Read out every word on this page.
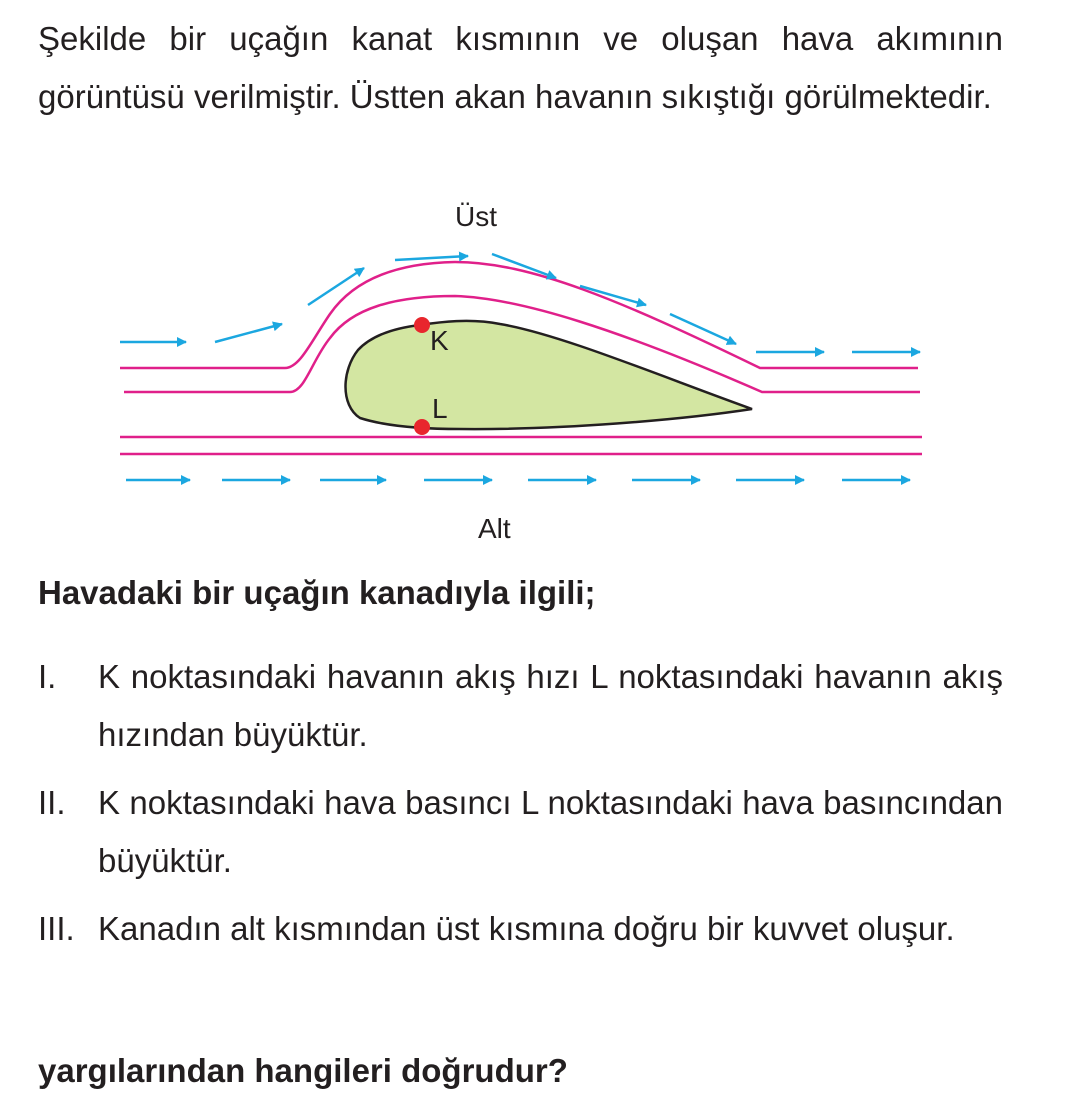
Şekilde bir uçağın kanat kısmının ve oluşan hava akımının görüntüsü verilmiştir. Üstten akan havanın sıkıştığı görülmektedir.

Üst
K
L
Alt

Havadaki bir uçağın kanadıyla ilgili;

I.	K noktasındaki havanın akış hızı L noktasındaki havanın akış hızından büyüktür.
II. K noktasındaki hava basıncı L noktasındaki hava basıncından büyüktür.
III. Kanadın alt kısmından üst kısmına doğru bir kuvvet oluşur.

yargılarından hangileri doğrudur?
